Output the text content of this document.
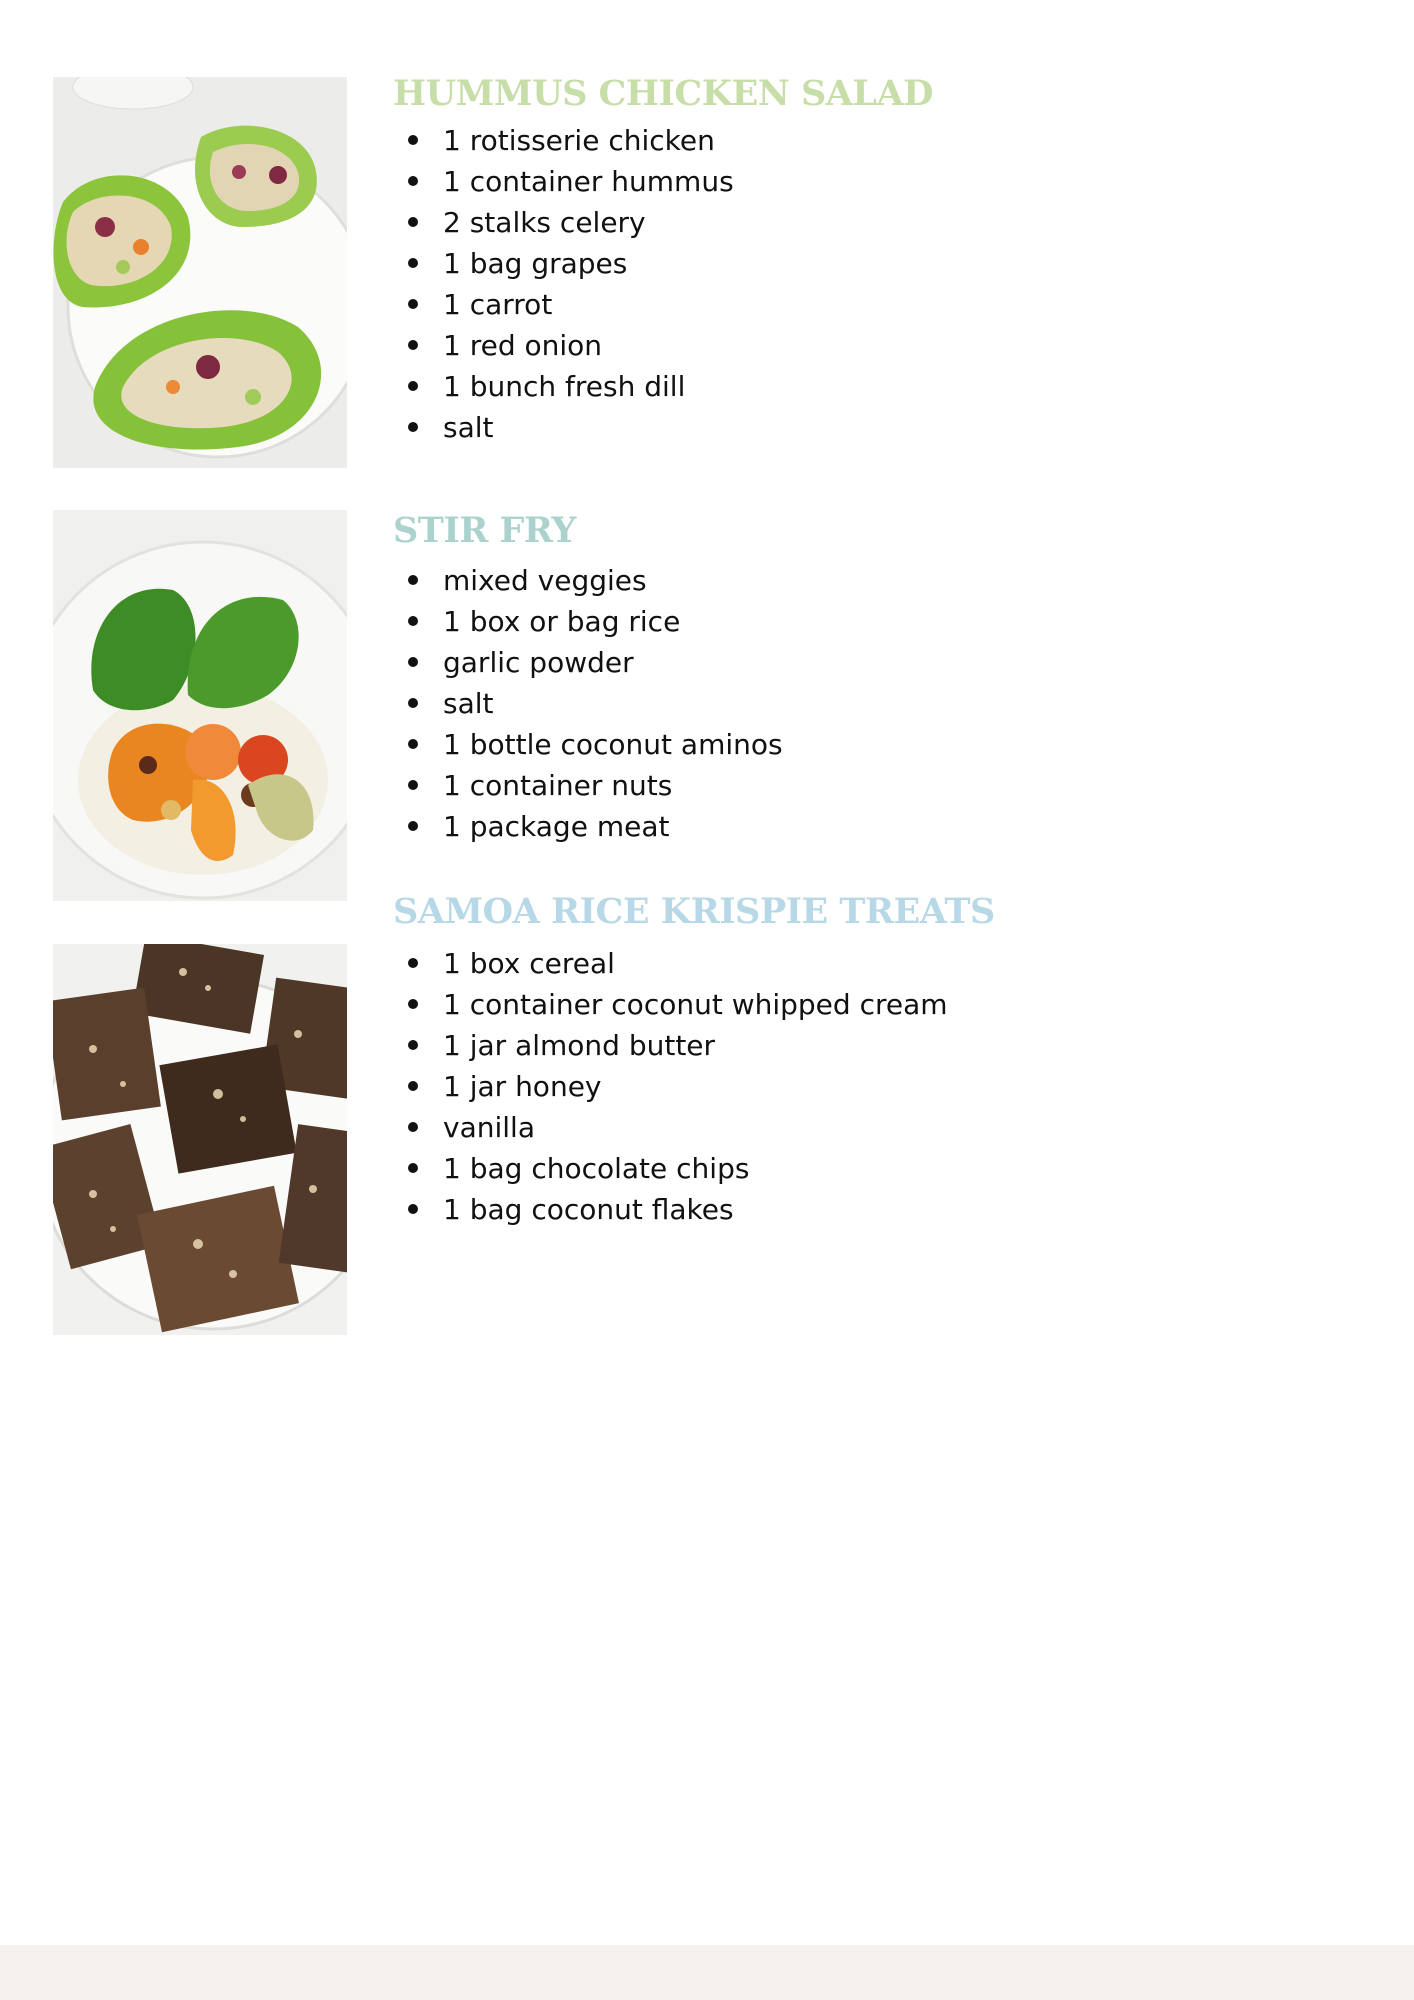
HUMMUS CHICKEN SALAD
1 rotisserie chicken
1 container hummus
2 stalks celery
1 bag grapes
1 carrot
1 red onion
1 bunch fresh dill
salt
STIR FRY
mixed veggies
1 box or bag rice
garlic powder
salt
1 bottle coconut aminos
1 container nuts
1 package meat
SAMOA RICE KRISPIE TREATS
1 box cereal
1 container coconut whipped cream
1 jar almond butter
1 jar honey
vanilla
1 bag chocolate chips
1 bag coconut flakes
